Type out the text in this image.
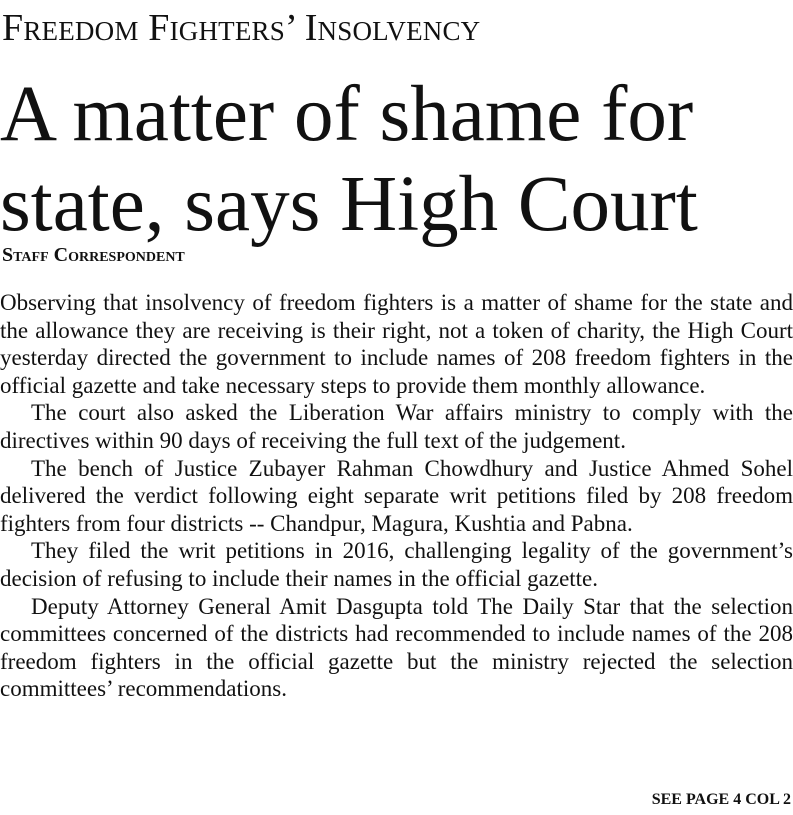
Freedom Fighters’ Insolvency
A matter of shame for
state, says High Court
Staff Correspondent

Observing that insolvency of freedom fighters is a matter of shame for the state and the allowance they are receiving is their right, not a token of charity, the High Court yesterday directed the government to include names of 208 freedom fighters in the official gazette and take necessary steps to provide them monthly allowance.

The court also asked the Liberation War affairs ministry to comply with the directives within 90 days of receiving the full text of the judgement.

The bench of Justice Zubayer Rahman Chowdhury and Justice Ahmed Sohel delivered the verdict following eight separate writ petitions filed by 208 freedom fighters from four districts -- Chandpur, Magura, Kushtia and Pabna.

They filed the writ petitions in 2016, challenging legality of the government’s decision of refusing to include their names in the official gazette.

Deputy Attorney General Amit Dasgupta told The Daily Star that the selection committees concerned of the districts had recommended to include names of the 208 freedom fighters in the official gazette but the ministry rejected the selection committees’ recommendations.

SEE PAGE 4 COL 2
